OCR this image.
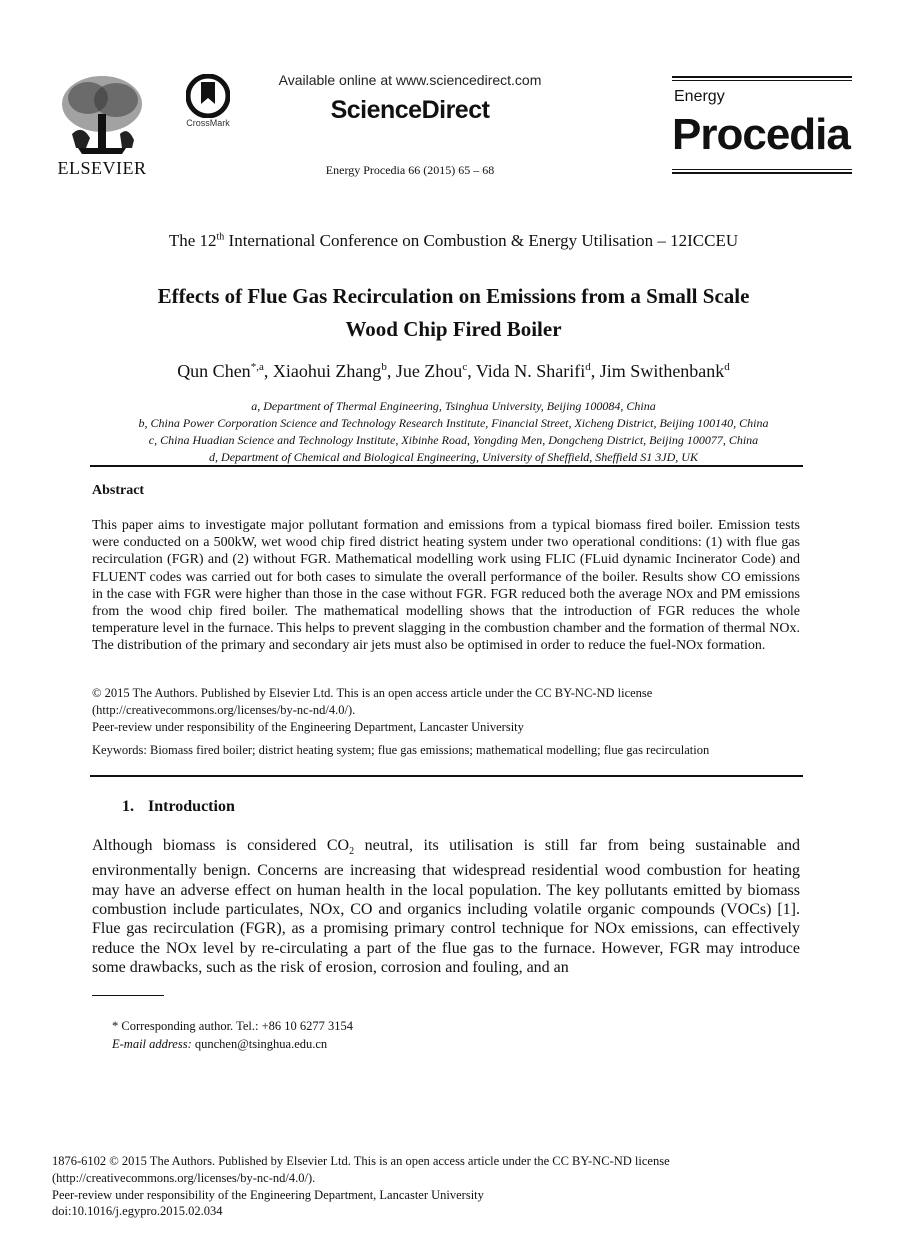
ELSEVIER
CrossMark
Available online at www.sciencedirect.com
ScienceDirect
Energy Procedia 66 (2015) 65 – 68
Energy
Procedia
The 12th International Conference on Combustion & Energy Utilisation – 12ICCEU
Effects of Flue Gas Recirculation on Emissions from a Small Scale
Wood Chip Fired Boiler
Qun Chen$^{*,a}$, Xiaohui Zhang$^b$, Jue Zhou$^c$, Vida N. Sharifi$^d$, Jim Swithenbank$^d$
a, Department of Thermal Engineering, Tsinghua University, Beijing 100084, China
b, China Power Corporation Science and Technology Research Institute, Financial Street, Xicheng District, Beijing 100140, China
c, China Huadian Science and Technology Institute, Xibinhe Road, Yongding Men, Dongcheng District, Beijing 100077, China
d, Department of Chemical and Biological Engineering, University of Sheffield, Sheffield S1 3JD, UK
Abstract
This paper aims to investigate major pollutant formation and emissions from a typical biomass fired boiler. Emission tests were conducted on a 500kW, wet wood chip fired district heating system under two operational conditions: (1) with flue gas recirculation (FGR) and (2) without FGR. Mathematical modelling work using FLIC (FLuid dynamic Incinerator Code) and FLUENT codes was carried out for both cases to simulate the overall performance of the boiler. Results show CO emissions in the case with FGR were higher than those in the case without FGR. FGR reduced both the average NOx and PM emissions from the wood chip fired boiler. The mathematical modelling shows that the introduction of FGR reduces the whole temperature level in the furnace. This helps to prevent slagging in the combustion chamber and the formation of thermal NOx. The distribution of the primary and secondary air jets must also be optimised in order to reduce the fuel-NOx formation.
© 2015 The Authors. Published by Elsevier Ltd. This is an open access article under the CC BY-NC-ND license
(http://creativecommons.org/licenses/by-nc-nd/4.0/).
Peer-review under responsibility of the Engineering Department, Lancaster University
Keywords: Biomass fired boiler; district heating system; flue gas emissions; mathematical modelling; flue gas recirculation
1. Introduction
Although biomass is considered $CO_2$ neutral, its utilisation is still far from being sustainable and environmentally benign. Concerns are increasing that widespread residential wood combustion for heating may have an adverse effect on human health in the local population. The key pollutants emitted by biomass combustion include particulates, NOx, CO and organics including volatile organic compounds (VOCs) [1]. Flue gas recirculation (FGR), as a promising primary control technique for NOx emissions, can effectively reduce the NOx level by re-circulating a part of the flue gas to the furnace. However, FGR may introduce some drawbacks, such as the risk of erosion, corrosion and fouling, and an
* Corresponding author. Tel.: +86 10 6277 3154
E-mail address: qunchen@tsinghua.edu.cn
1876-6102 © 2015 The Authors. Published by Elsevier Ltd. This is an open access article under the CC BY-NC-ND license
(http://creativecommons.org/licenses/by-nc-nd/4.0/).
Peer-review under responsibility of the Engineering Department, Lancaster University
doi:10.1016/j.egypro.2015.02.034
